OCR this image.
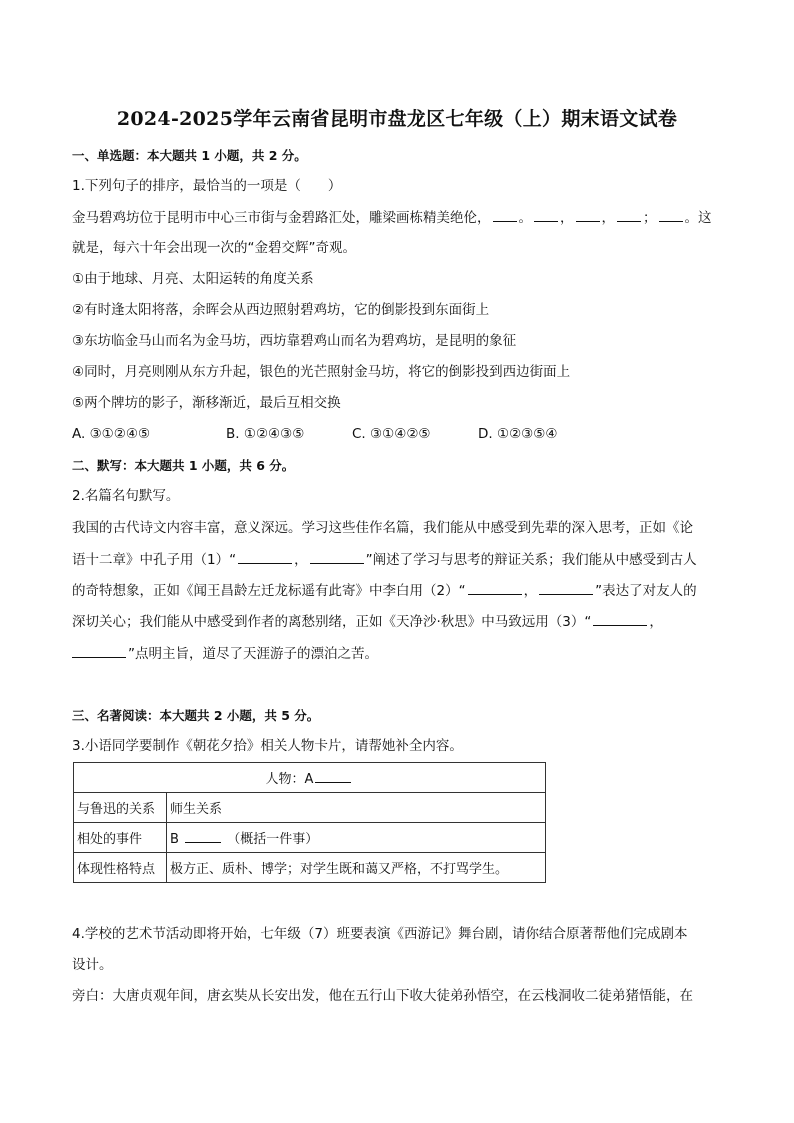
2024-2025学年云南省昆明市盘龙区七年级（上）期末语文试卷
一、单选题：本大题共 1 小题，共 2 分。
1.下列句子的排序，最恰当的一项是（　　）
金马碧鸡坊位于昆明市中心三市街与金碧路汇处，雕梁画栋精美绝伦， 。 ， ， ； 。这
就是，每六十年会出现一次的“金碧交辉”奇观。
①由于地球、月亮、太阳运转的角度关系
②有时逢太阳将落，余晖会从西边照射碧鸡坊，它的倒影投到东面街上
③东坊临金马山而名为金马坊，西坊靠碧鸡山而名为碧鸡坊，是昆明的象征
④同时，月亮则刚从东方升起，银色的光芒照射金马坊，将它的倒影投到西边街面上
⑤两个牌坊的影子，渐移渐近，最后互相交换
A. ③①②④⑤	B. ①②④③⑤	C. ③①④②⑤	D. ①②③⑤④
二、默写：本大题共 1 小题，共 6 分。
2.名篇名句默写。
我国的古代诗文内容丰富，意义深远。学习这些佳作名篇，我们能从中感受到先辈的深入思考，正如《论
语十二章》中孔子用（1）“	，	”阐述了学习与思考的辩证关系；我们能从中感受到古人
的奇特想象，正如《闻王昌龄左迁龙标遥有此寄》中李白用（2）“	，	”表达了对友人的
深切关心；我们能从中感受到作者的离愁别绪，正如《天净沙·秋思》中马致远用（3）“	，
”点明主旨，道尽了天涯游子的漂泊之苦。
三、名著阅读：本大题共 2 小题，共 5 分。
3.小语同学要制作《朝花夕拾》相关人物卡片，请帮她补全内容。
人物：A	
与鲁迅的关系	师生关系
相处的事件	B （概括一件事）
体现性格特点	极方正、质朴、博学；对学生既和蔼又严格，不打骂学生。
4.学校的艺术节活动即将开始，七年级（7）班要表演《西游记》舞台剧，请你结合原著帮他们完成剧本
设计。
旁白：大唐贞观年间，唐玄奘从长安出发，他在五行山下收大徒弟孙悟空，在云栈洞收二徒弟猪悟能，在
